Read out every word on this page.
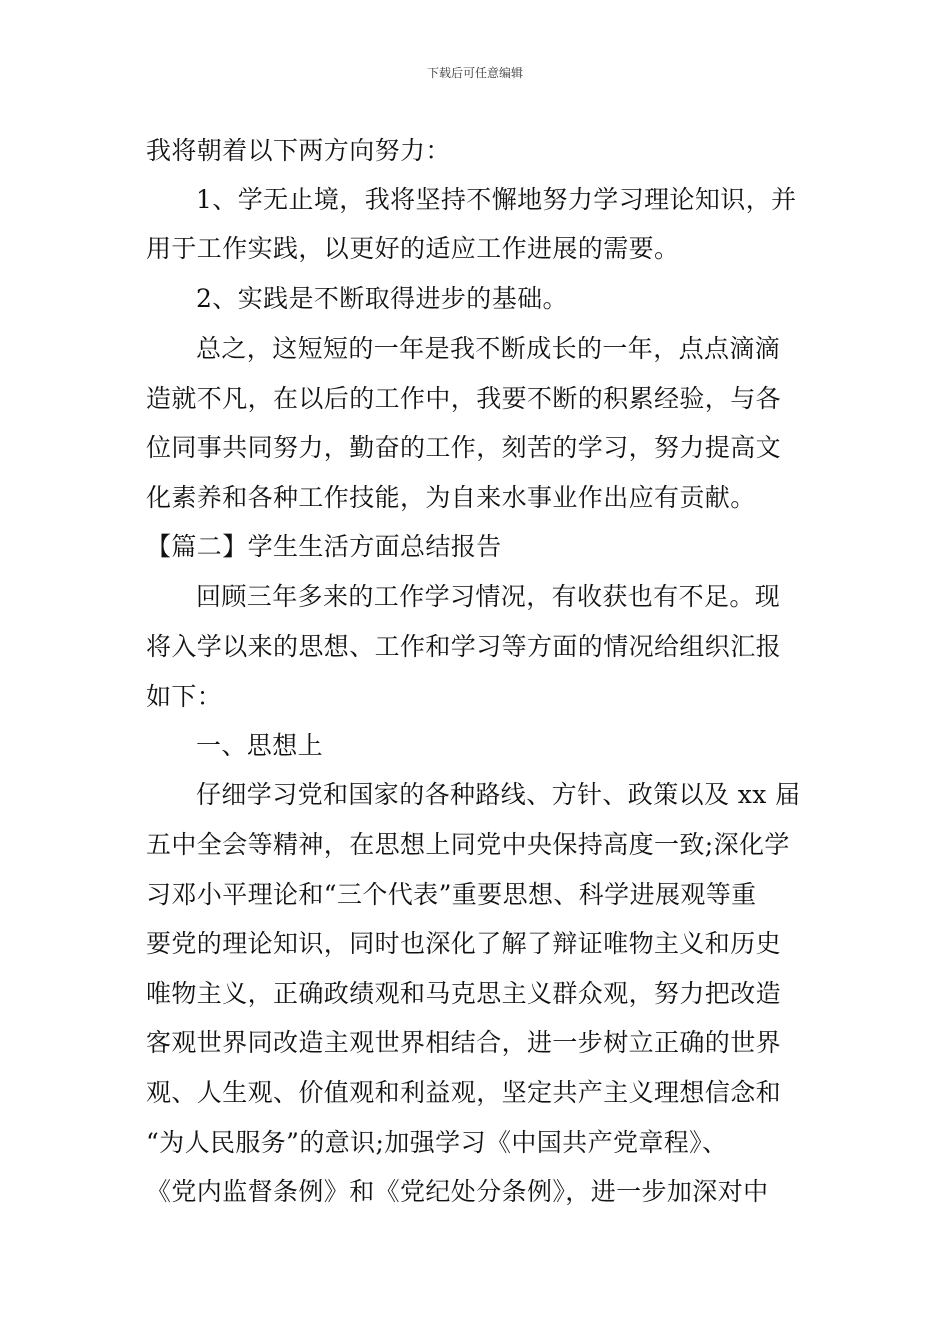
下载后可任意编辑
我将朝着以下两方向努力：
1、学无止境，我将坚持不懈地努力学习理论知识，并
用于工作实践，以更好的适应工作进展的需要。
2、实践是不断取得进步的基础。
总之，这短短的一年是我不断成长的一年，点点滴滴
造就不凡，在以后的工作中，我要不断的积累经验，与各
位同事共同努力，勤奋的工作，刻苦的学习，努力提高文
化素养和各种工作技能，为自来水事业作出应有贡献。
【篇二】学生生活方面总结报告
回顾三年多来的工作学习情况，有收获也有不足。现
将入学以来的思想、工作和学习等方面的情况给组织汇报
如下：
一、思想上
仔细学习党和国家的各种路线、方针、政策以及 xx 届
五中全会等精神，在思想上同党中央保持高度一致;深化学
习邓小平理论和“三个代表”重要思想、科学进展观等重
要党的理论知识，同时也深化了解了辩证唯物主义和历史
唯物主义，正确政绩观和马克思主义群众观，努力把改造
客观世界同改造主观世界相结合，进一步树立正确的世界
观、人生观、价值观和利益观，坚定共产主义理想信念和
“为人民服务”的意识;加强学习《中国共产党章程》、
《党内监督条例》和《党纪处分条例》，进一步加深对中
